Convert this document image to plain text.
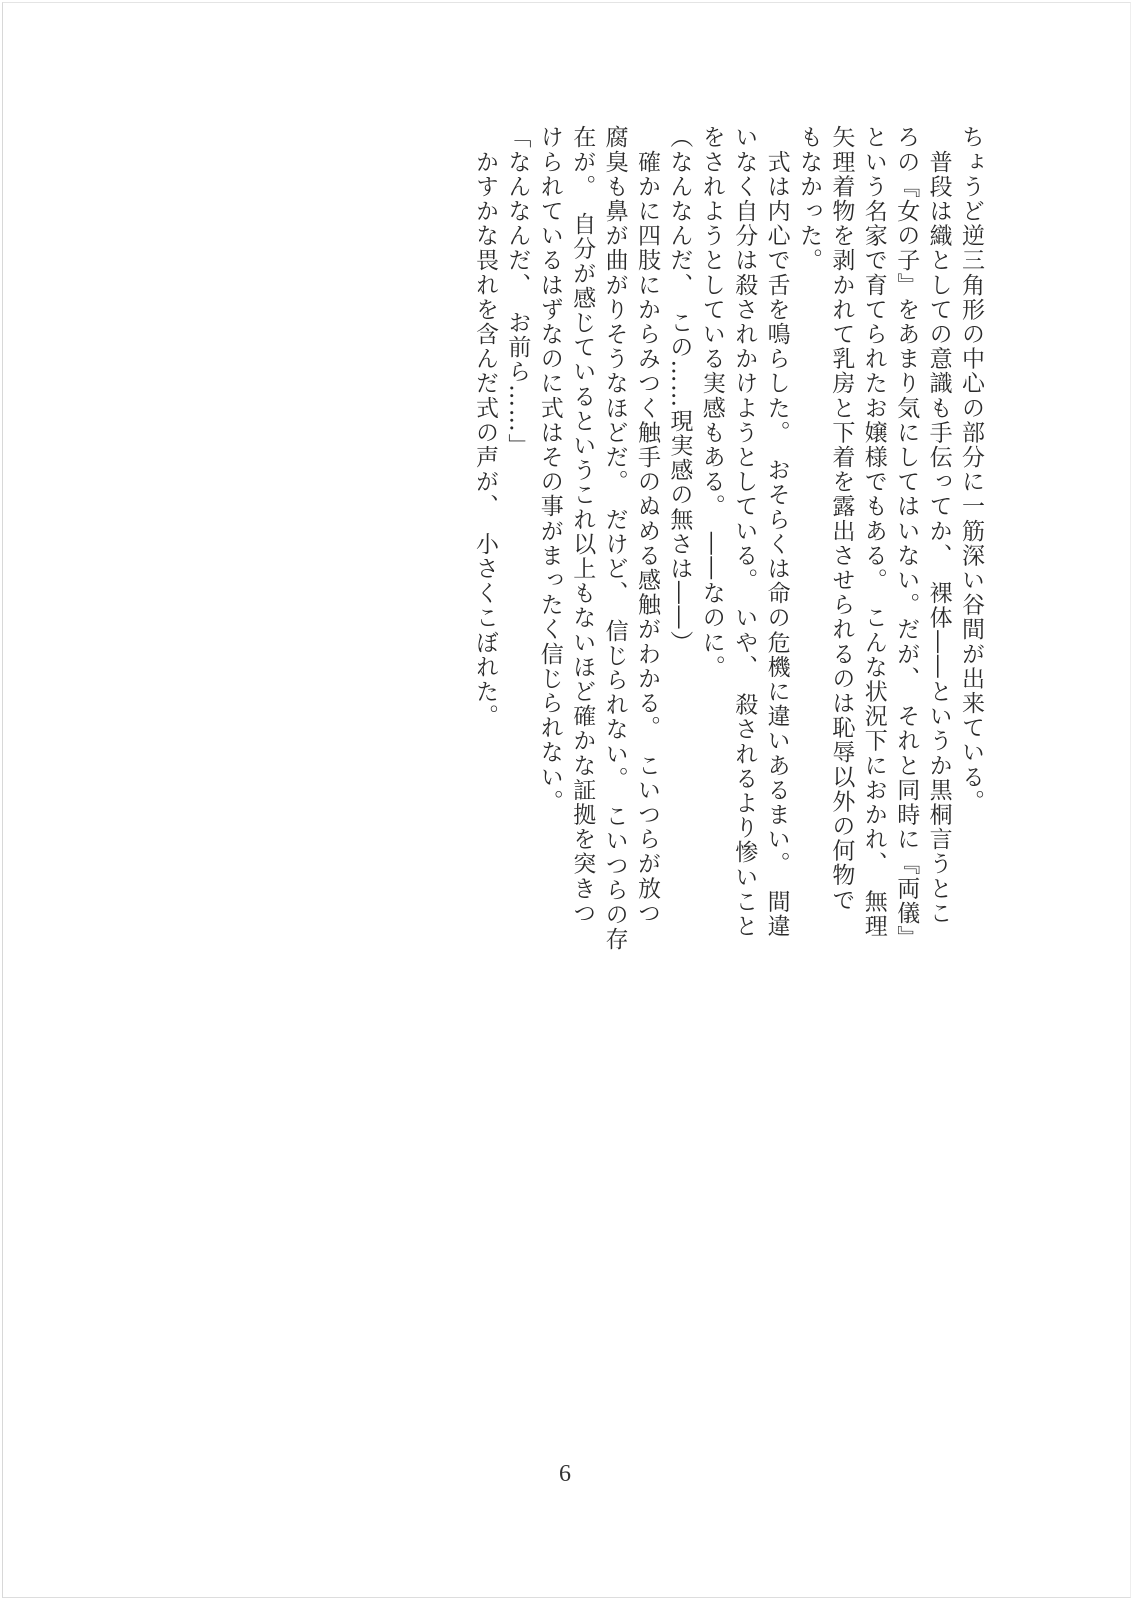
ちょうど逆三角形の中心の部分に一筋深い谷間が出来ている。
　普段は織としての意識も手伝ってか、　裸体――というか黒桐言うとこ
ろの『女の子』をあまり気にしてはいない。だが、　それと同時に『両儀』
という名家で育てられたお嬢様でもある。　こんな状況下におかれ、　無理
矢理着物を剥かれて乳房と下着を露出させられるのは恥辱以外の何物で
もなかった。
　式は内心で舌を鳴らした。　おそらくは命の危機に違いあるまい。　間違
いなく自分は殺されかけようとしている。　いや、　殺されるより惨いこと
をされようとしている実感もある。　――なのに。
（なんなんだ、　この……現実感の無さは――）
　確かに四肢にからみつく触手のぬめる感触がわかる。　こいつらが放つ
腐臭も鼻が曲がりそうなほどだ。　だけど、　信じられない。　こいつらの存
在が。　自分が感じているというこれ以上もないほど確かな証拠を突きつ
けられているはずなのに式はその事がまったく信じられない。
「なんなんだ、　お前ら……」
　かすかな畏れを含んだ式の声が、　小さくこぼれた。
6
